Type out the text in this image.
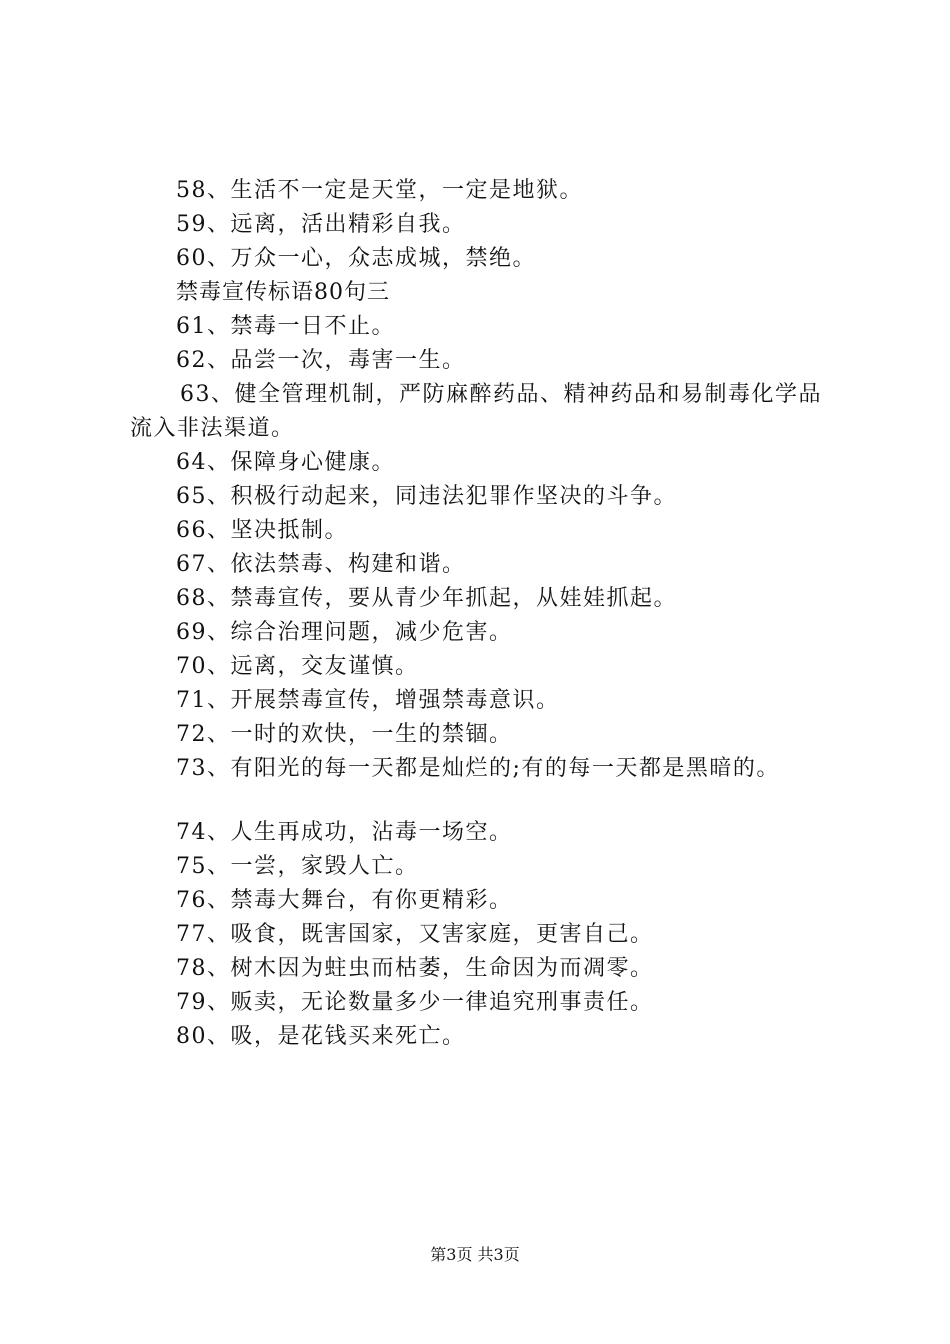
58、生活不一定是天堂，一定是地狱。
59、远离，活出精彩自我。
60、万众一心，众志成城，禁绝。
禁毒宣传标语80句三
61、禁毒一日不止。
62、品尝一次，毒害一生。
63、健全管理机制，严防麻醉药品、精神药品和易制毒化学品流入非法渠道。
64、保障身心健康。
65、积极行动起来，同违法犯罪作坚决的斗争。
66、坚决抵制。
67、依法禁毒、构建和谐。
68、禁毒宣传，要从青少年抓起，从娃娃抓起。
69、综合治理问题，减少危害。
70、远离，交友谨慎。
71、开展禁毒宣传，增强禁毒意识。
72、一时的欢快，一生的禁锢。
73、有阳光的每一天都是灿烂的;有的每一天都是黑暗的。
74、人生再成功，沾毒一场空。
75、一尝，家毁人亡。
76、禁毒大舞台，有你更精彩。
77、吸食，既害国家，又害家庭，更害自己。
78、树木因为蛀虫而枯萎，生命因为而凋零。
79、贩卖，无论数量多少一律追究刑事责任。
80、吸，是花钱买来死亡。
第3页 共3页
